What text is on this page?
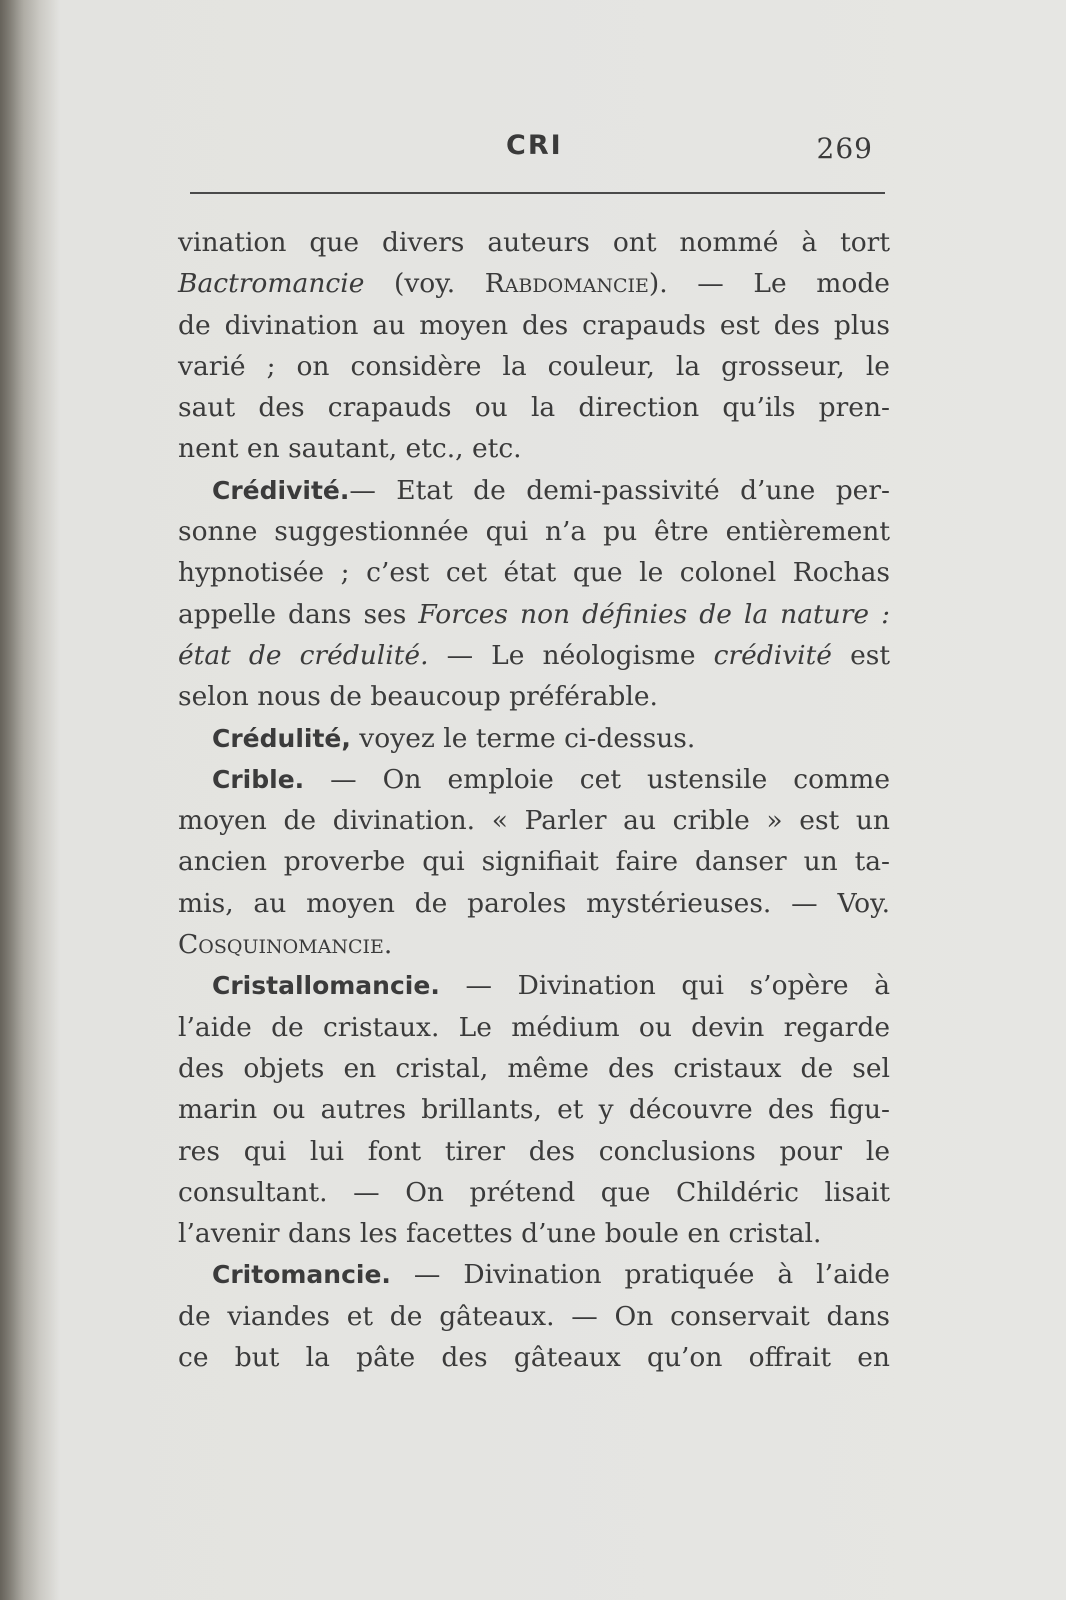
CRI	269
vination que divers auteurs ont nommé à tort
Bactromancie (voy. Rabdomancie). — Le mode
de divination au moyen des crapauds est des plus
varié ; on considère la couleur, la grosseur, le
saut des crapauds ou la direction qu’ils pren-
nent en sautant, etc., etc.
Crédivité.— Etat de demi-passivité d’une per-
sonne suggestionnée qui n’a pu être entièrement
hypnotisée ; c’est cet état que le colonel Rochas
appelle dans ses Forces non définies de la nature :
état de crédulité. — Le néologisme crédivité est
selon nous de beaucoup préférable.
Crédulité, voyez le terme ci-dessus.
Crible. — On emploie cet ustensile comme
moyen de divination. « Parler au crible » est un
ancien proverbe qui signifiait faire danser un ta-
mis, au moyen de paroles mystérieuses. — Voy.
Cosquinomancie.
Cristallomancie. — Divination qui s’opère à
l’aide de cristaux. Le médium ou devin regarde
des objets en cristal, même des cristaux de sel
marin ou autres brillants, et y découvre des figu-
res qui lui font tirer des conclusions pour le
consultant. — On prétend que Childéric lisait
l’avenir dans les facettes d’une boule en cristal.
Critomancie. — Divination pratiquée à l’aide
de viandes et de gâteaux. — On conservait dans
ce but la pâte des gâteaux qu’on offrait en
